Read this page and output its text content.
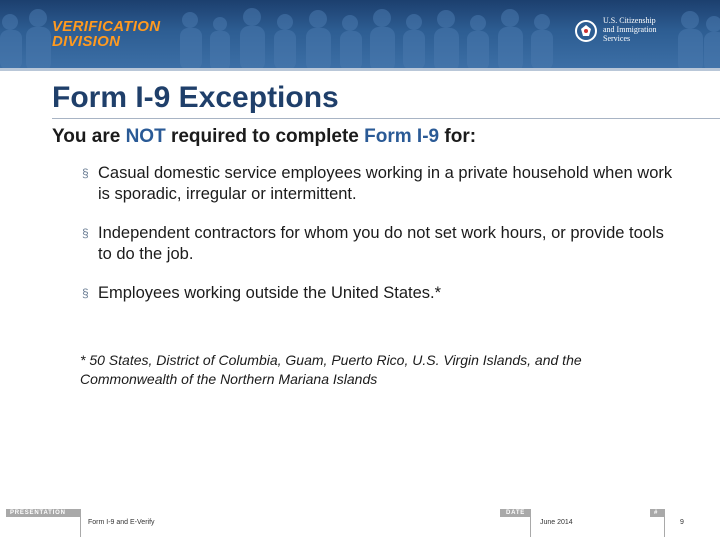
VERIFICATION
DIVISION
U.S. Citizenship
and Immigration
Services
Form I-9 Exceptions
You are NOT required to complete Form I-9 for:
§ Casual domestic service employees working in a private household when work is sporadic, irregular or intermittent.
§ Independent contractors for whom you do not set work hours, or provide tools to do the job.
§ Employees working outside the United States.*
* 50 States, District of Columbia, Guam, Puerto Rico, U.S. Virgin Islands, and the Commonwealth of the Northern Mariana Islands
PRESENTATION
Form I-9 and E-Verify
DATE
June 2014
#
9
